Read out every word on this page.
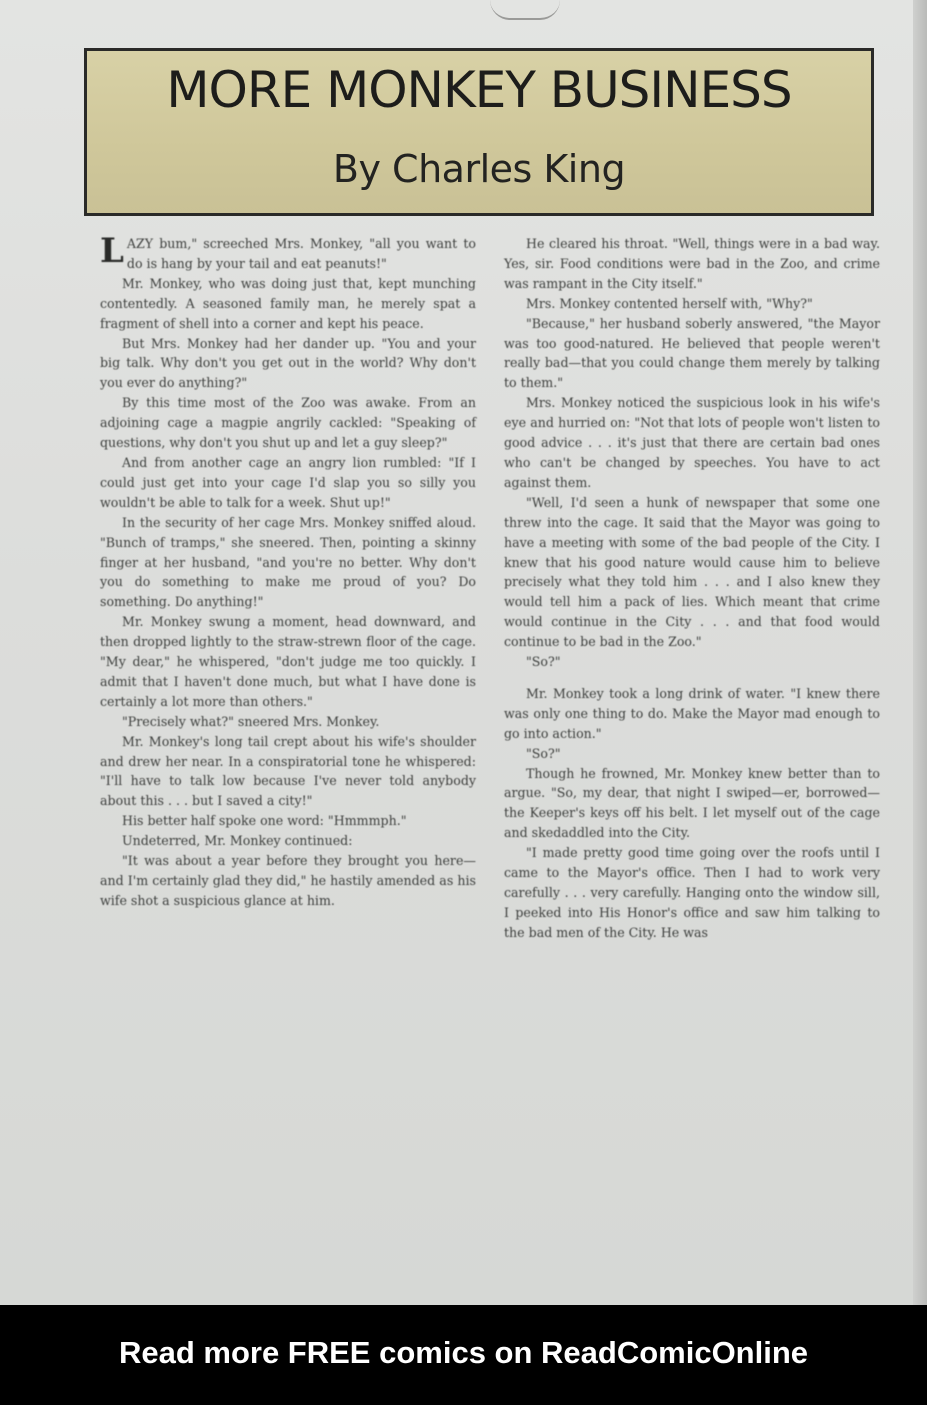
MORE MONKEY BUSINESS
By Charles King

LAZY bum," screeched Mrs. Monkey, "all you want to do is hang by your tail and eat peanuts!"

Mr. Monkey, who was doing just that, kept munching contentedly. A seasoned family man, he merely spat a fragment of shell into a corner and kept his peace.

But Mrs. Monkey had her dander up. "You and your big talk. Why don't you get out in the world? Why don't you ever do anything?"

By this time most of the Zoo was awake. From an adjoining cage a magpie angrily cackled: "Speaking of questions, why don't you shut up and let a guy sleep?"

And from another cage an angry lion rumbled: "If I could just get into your cage I'd slap you so silly you wouldn't be able to talk for a week. Shut up!"

In the security of her cage Mrs. Monkey sniffed aloud. "Bunch of tramps," she sneered. Then, pointing a skinny finger at her husband, "and you're no better. Why don't you do something to make me proud of you? Do something. Do anything!"

Mr. Monkey swung a moment, head downward, and then dropped lightly to the straw-strewn floor of the cage. "My dear," he whispered, "don't judge me too quickly. I admit that I haven't done much, but what I have done is certainly a lot more than others."

"Precisely what?" sneered Mrs. Monkey.

Mr. Monkey's long tail crept about his wife's shoulder and drew her near. In a conspiratorial tone he whispered: "I'll have to talk low because I've never told anybody about this . . . but I saved a city!"

His better half spoke one word: "Hmmmph."

Undeterred, Mr. Monkey continued:

"It was about a year before they brought you here—and I'm certainly glad they did," he hastily amended as his wife shot a suspicious glance at him.

He cleared his throat. "Well, things were in a bad way. Yes, sir. Food conditions were bad in the Zoo, and crime was rampant in the City itself."

Mrs. Monkey contented herself with, "Why?"

"Because," her husband soberly answered, "the Mayor was too good-natured. He believed that people weren't really bad—that you could change them merely by talking to them."

Mrs. Monkey noticed the suspicious look in his wife's eye and hurried on: "Not that lots of people won't listen to good advice . . . it's just that there are certain bad ones who can't be changed by speeches. You have to act against them.

"Well, I'd seen a hunk of newspaper that some one threw into the cage. It said that the Mayor was going to have a meeting with some of the bad people of the City. I knew that his good nature would cause him to believe precisely what they told him . . . and I also knew they would tell him a pack of lies. Which meant that crime would continue in the City . . . and that food would continue to be bad in the Zoo."

"So?"

Mr. Monkey took a long drink of water. "I knew there was only one thing to do. Make the Mayor mad enough to go into action."

"So?"

Though he frowned, Mr. Monkey knew better than to argue. "So, my dear, that night I swiped—er, borrowed—the Keeper's keys off his belt. I let myself out of the cage and skedaddled into the City.

"I made pretty good time going over the roofs until I came to the Mayor's office. Then I had to work very carefully . . . very carefully. Hanging onto the window sill, I peeked into His Honor's office and saw him talking to the bad men of the City. He was

Read more FREE comics on ReadComicOnline
